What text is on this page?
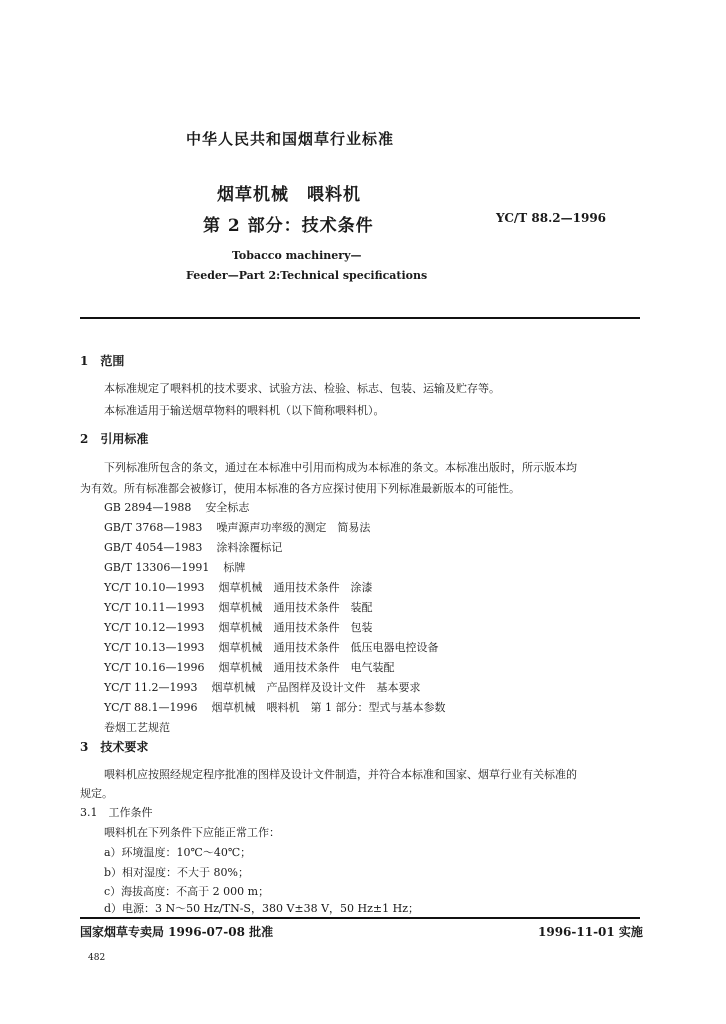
中华人民共和国烟草行业标准
烟草机械　喂料机
第 2 部分：技术条件	YC/T 88.2—1996
Tobacco machinery—
Feeder—Part 2:Technical specifications
1　范围
本标准规定了喂料机的技术要求、试验方法、检验、标志、包装、运输及贮存等。
本标准适用于输送烟草物料的喂料机（以下简称喂料机）。
2　引用标准
下列标准所包含的条文，通过在本标准中引用而构成为本标准的条文。本标准出版时，所示版本均
为有效。所有标准都会被修订，使用本标准的各方应探讨使用下列标准最新版本的可能性。
GB 2894—1988 安全标志
GB/T 3768—1983 噪声源声功率级的测定　简易法
GB/T 4054—1983 涂料涂覆标记
GB/T 13306—1991 标牌
YC/T 10.10—1993 烟草机械　通用技术条件　涂漆
YC/T 10.11—1993 烟草机械　通用技术条件　装配
YC/T 10.12—1993 烟草机械　通用技术条件　包装
YC/T 10.13—1993 烟草机械　通用技术条件　低压电器电控设备
YC/T 10.16—1996 烟草机械　通用技术条件　电气装配
YC/T 11.2—1993 烟草机械　产品图样及设计文件　基本要求
YC/T 88.1—1996 烟草机械　喂料机　第 1 部分：型式与基本参数
卷烟工艺规范
3　技术要求
喂料机应按照经规定程序批准的图样及设计文件制造，并符合本标准和国家、烟草行业有关标准的
规定。
3.1　工作条件
喂料机在下列条件下应能正常工作：
a）环境温度：10℃～40℃；
b）相对湿度：不大于 80%；
c）海拔高度：不高于 2 000 m；
d）电源：3 N～50 Hz/TN-S，380 V±38 V，50 Hz±1 Hz；
国家烟草专卖局 1996-07-08 批准	1996-11-01 实施
482
